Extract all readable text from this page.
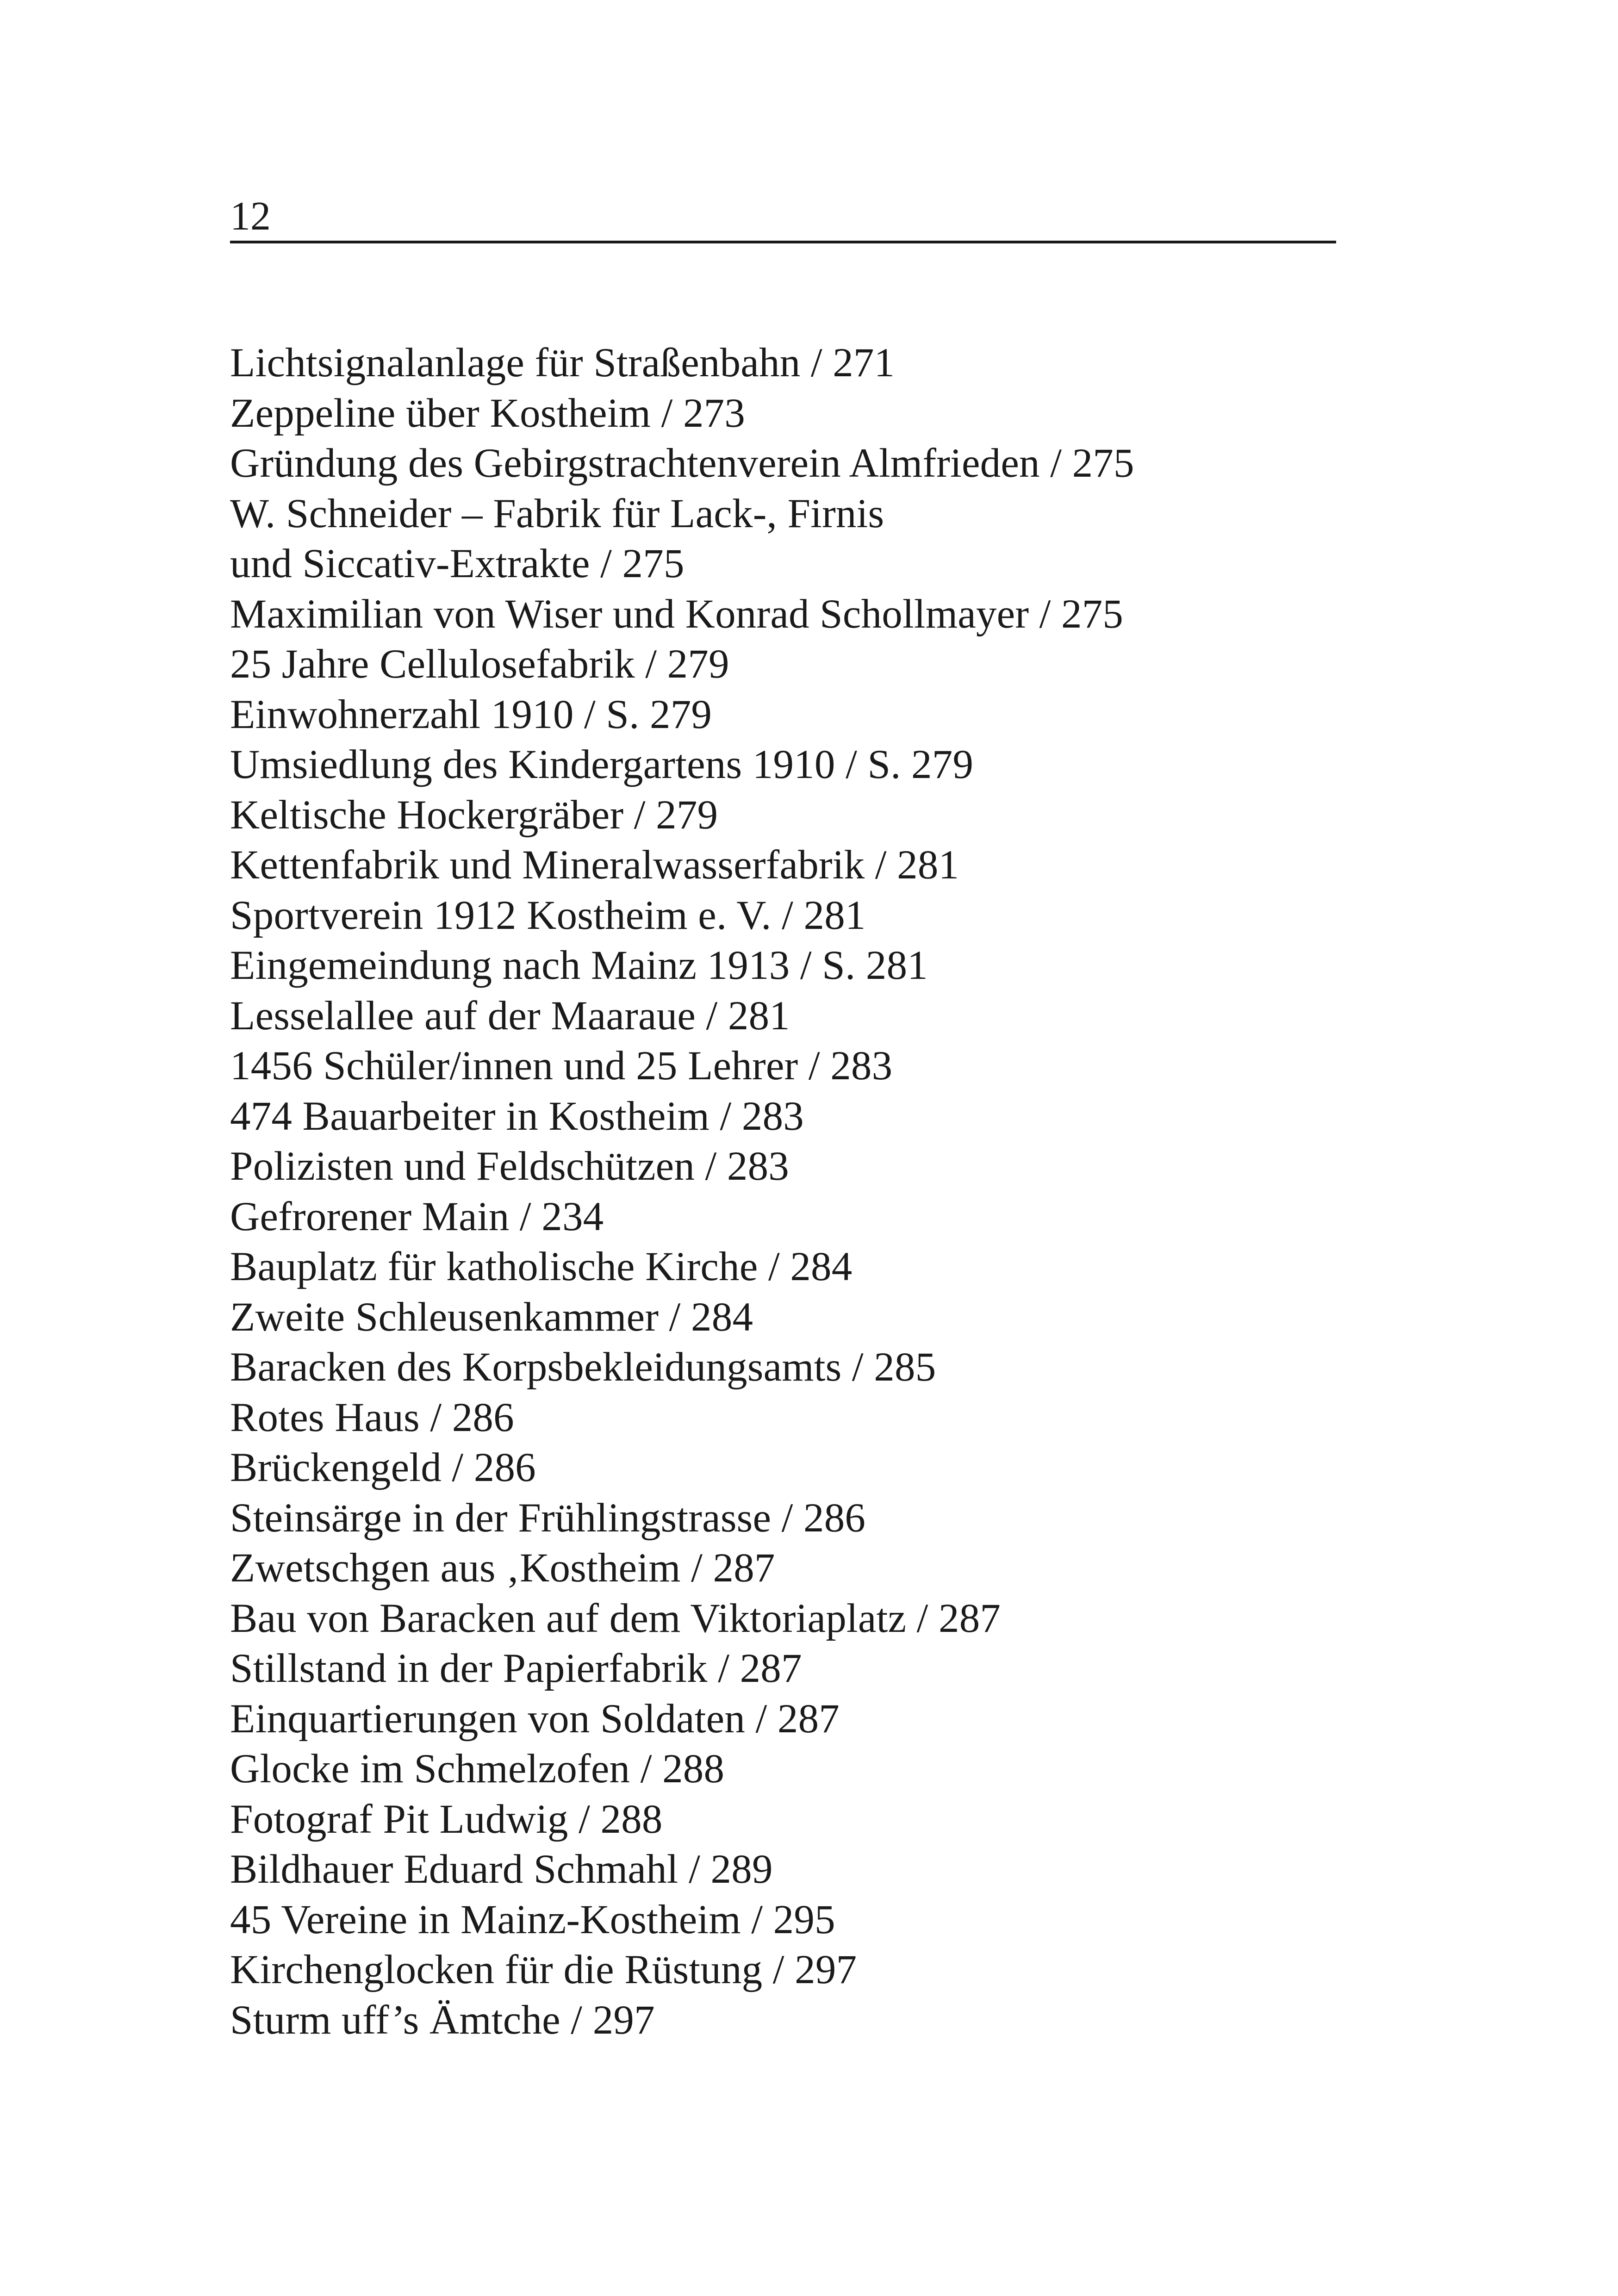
12
Lichtsignalanlage für Straßenbahn / 271
Zeppeline über Kostheim / 273
Gründung des Gebirgstrachtenverein Almfrieden / 275
W. Schneider – Fabrik für Lack-, Firnis
und Siccativ-Extrakte / 275
Maximilian von Wiser und Konrad Schollmayer / 275
25 Jahre Cellulosefabrik / 279
Einwohnerzahl 1910 / S. 279
Umsiedlung des Kindergartens 1910 / S. 279
Keltische Hockergräber / 279
Kettenfabrik und Mineralwasserfabrik / 281
Sportverein 1912 Kostheim e. V. / 281
Eingemeindung nach Mainz 1913 / S. 281
Lesselallee auf der Maaraue / 281
1456 Schüler/innen und 25 Lehrer / 283
474 Bauarbeiter in Kostheim / 283
Polizisten und Feldschützen / 283
Gefrorener Main / 234
Bauplatz für katholische Kirche / 284
Zweite Schleusenkammer / 284
Baracken des Korpsbekleidungsamts / 285
Rotes Haus / 286
Brückengeld / 286
Steinsärge in der Frühlingstrasse / 286
Zwetschgen aus ‚Kostheim / 287
Bau von Baracken auf dem Viktoriaplatz / 287
Stillstand in der Papierfabrik / 287
Einquartierungen von Soldaten / 287
Glocke im Schmelzofen / 288
Fotograf Pit Ludwig / 288
Bildhauer Eduard Schmahl / 289
45 Vereine in Mainz-Kostheim / 295
Kirchenglocken für die Rüstung / 297
Sturm uff’s Ämtche / 297
